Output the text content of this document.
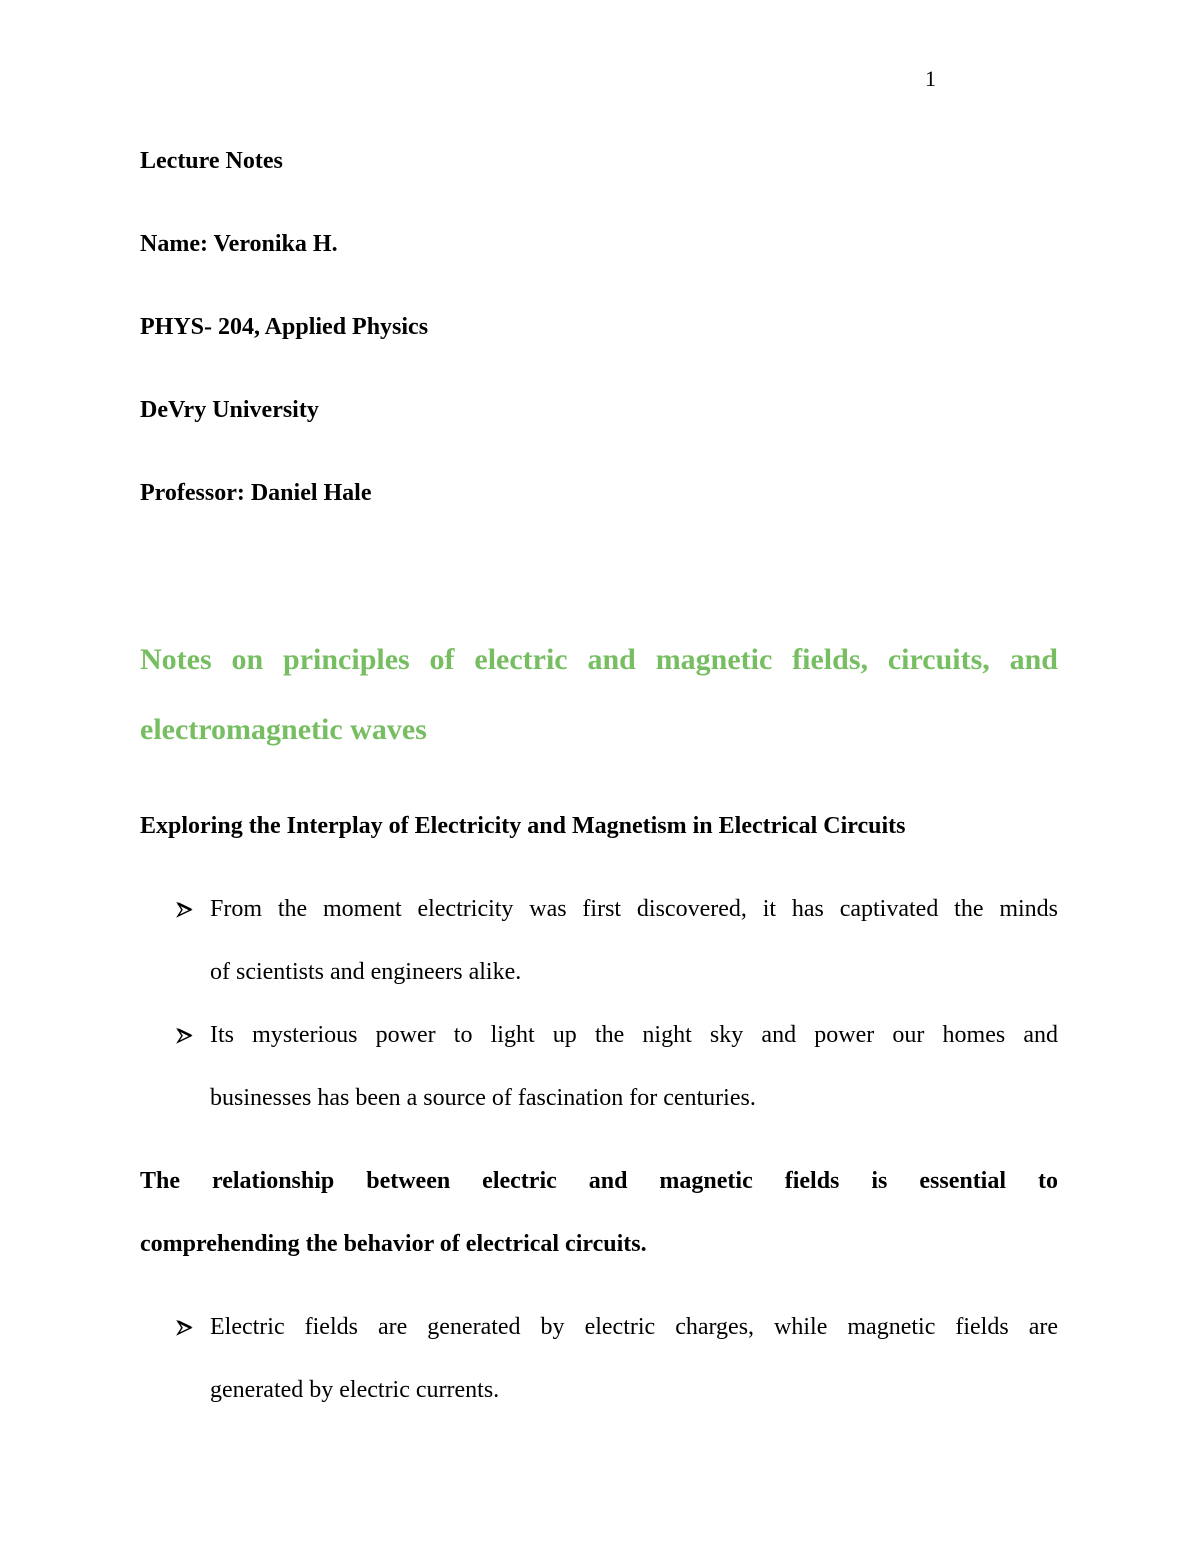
1

Lecture Notes

Name: Veronika H.

PHYS- 204, Applied Physics

DeVry University

Professor: Daniel Hale

Notes on principles of electric and magnetic fields, circuits, and
electromagnetic waves
Exploring the Interplay of Electricity and Magnetism in Electrical Circuits
From the moment electricity was first discovered, it has captivated the minds
of scientists and engineers alike.
Its mysterious power to light up the night sky and power our homes and
businesses has been a source of fascination for centuries.

The relationship between electric and magnetic fields is essential to
comprehending the behavior of electrical circuits.

Electric fields are generated by electric charges, while magnetic fields are
generated by electric currents.
